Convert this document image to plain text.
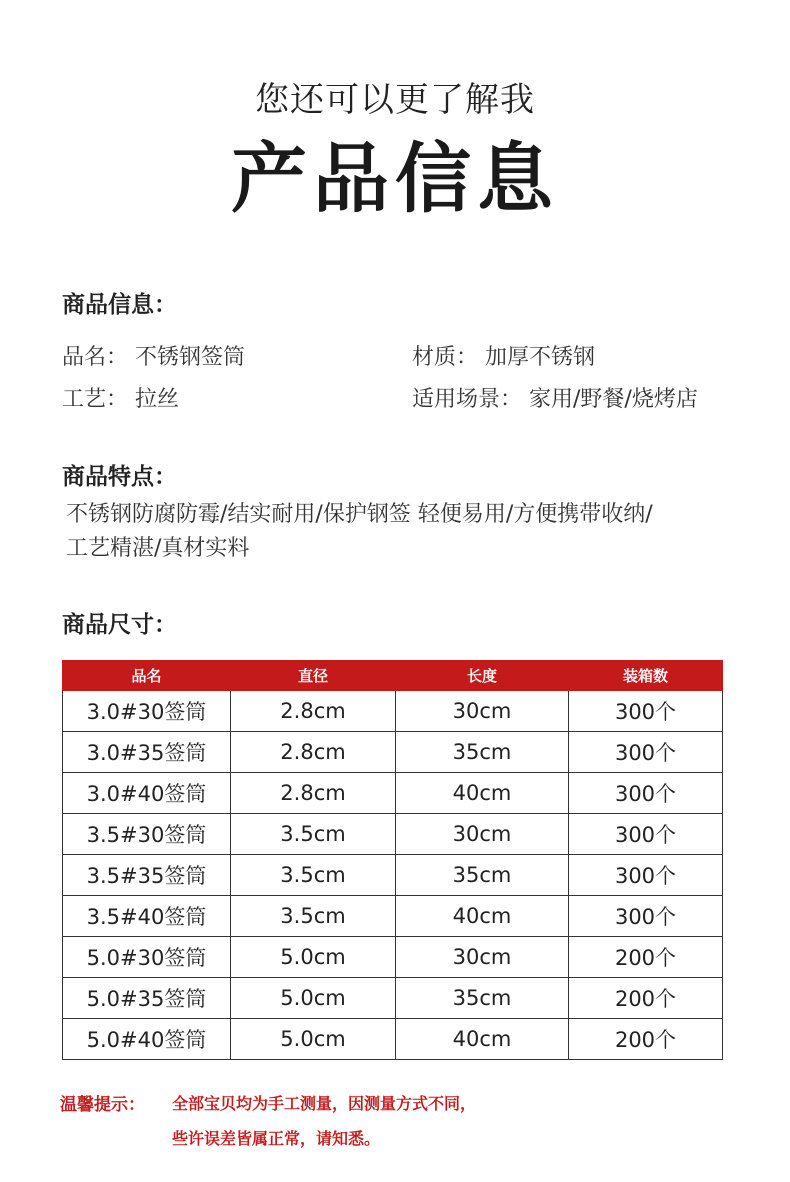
您还可以更了解我
产品信息
商品信息：
品名： 不锈钢签筒	材质： 加厚不锈钢
工艺： 拉丝	适用场景： 家用/野餐/烧烤店
商品特点：
不锈钢防腐防霉/结实耐用/保护钢签 轻便易用/方便携带收纳/
工艺精湛/真材实料
商品尺寸：
品名	直径	长度	装箱数
3.0#30签筒	2.8cm	30cm	300个
3.0#35签筒	2.8cm	35cm	300个
3.0#40签筒	2.8cm	40cm	300个
3.5#30签筒	3.5cm	30cm	300个
3.5#35签筒	3.5cm	35cm	300个
3.5#40签筒	3.5cm	40cm	300个
5.0#30签筒	5.0cm	30cm	200个
5.0#35签筒	5.0cm	35cm	200个
5.0#40签筒	5.0cm	40cm	200个
温馨提示： 全部宝贝均为手工测量，因测量方式不同，
些许误差皆属正常，请知悉。
